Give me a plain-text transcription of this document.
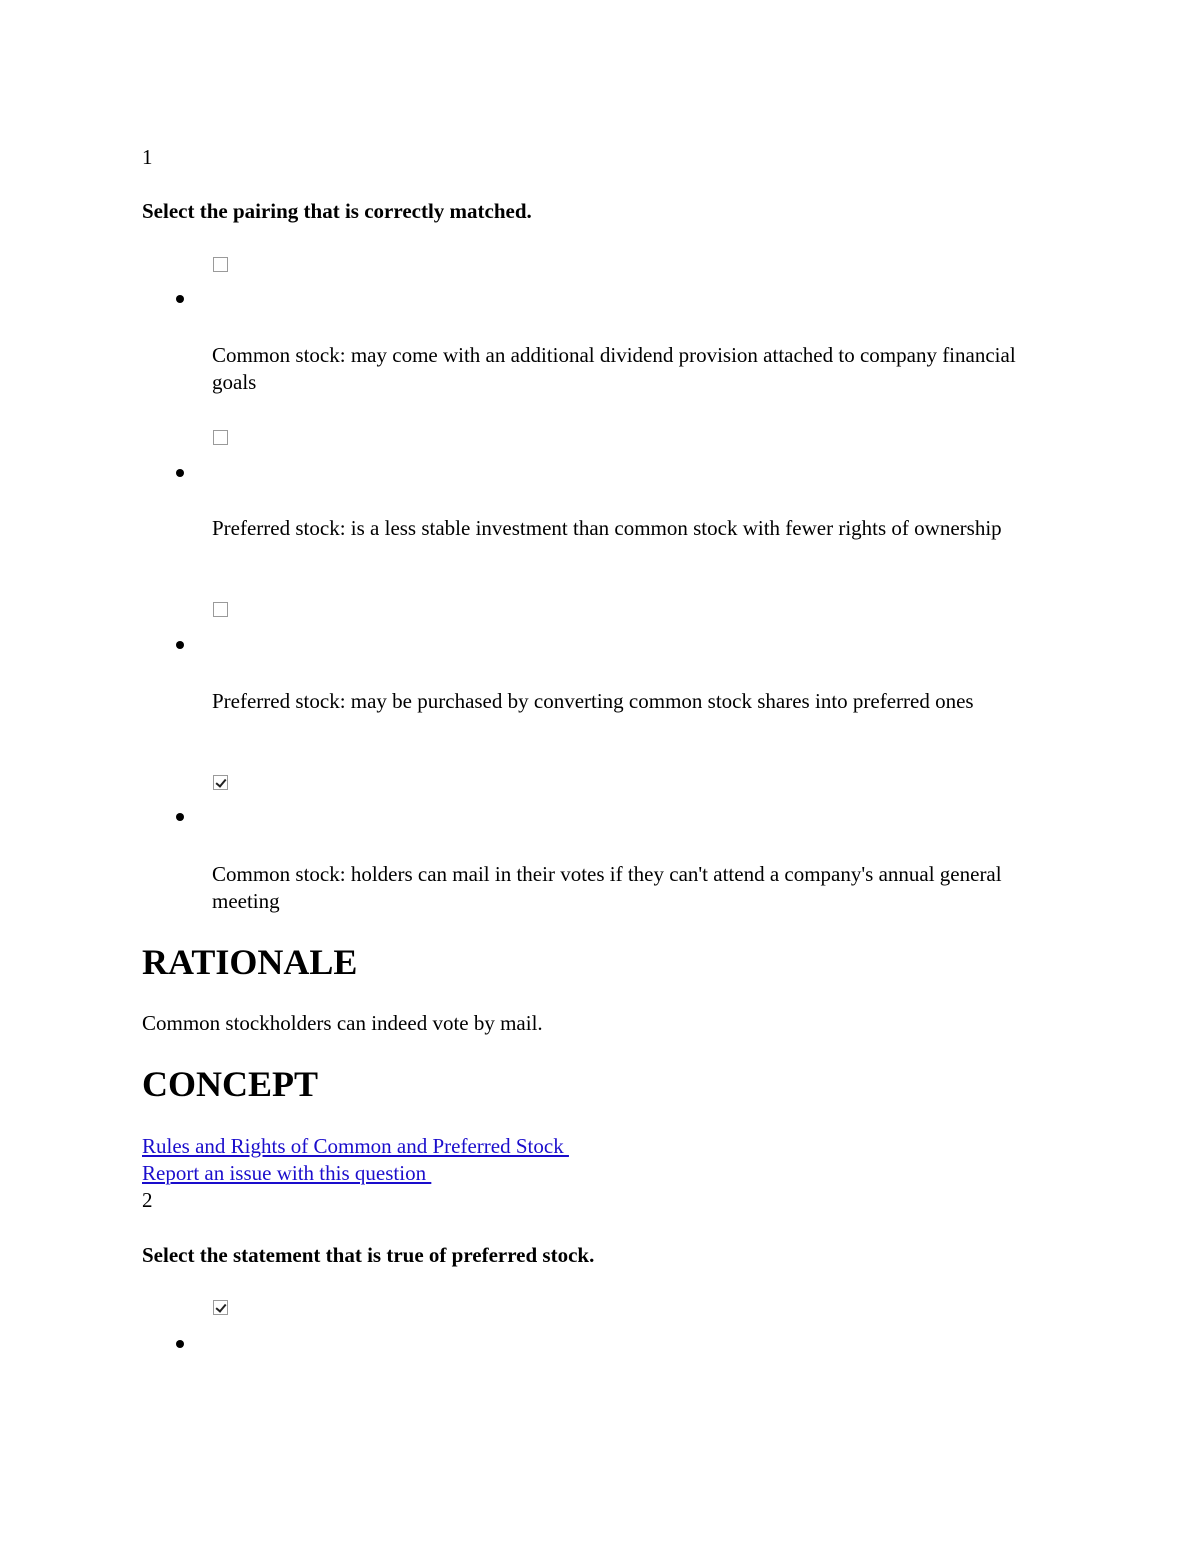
1
Select the pairing that is correctly matched.
Common stock: may come with an additional dividend provision attached to company financial goals
Preferred stock: is a less stable investment than common stock with fewer rights of ownership
Preferred stock: may be purchased by converting common stock shares into preferred ones
Common stock: holders can mail in their votes if they can't attend a company's annual general meeting
RATIONALE
Common stockholders can indeed vote by mail.
CONCEPT
Rules and Rights of Common and Preferred Stock
Report an issue with this question
2
Select the statement that is true of preferred stock.
